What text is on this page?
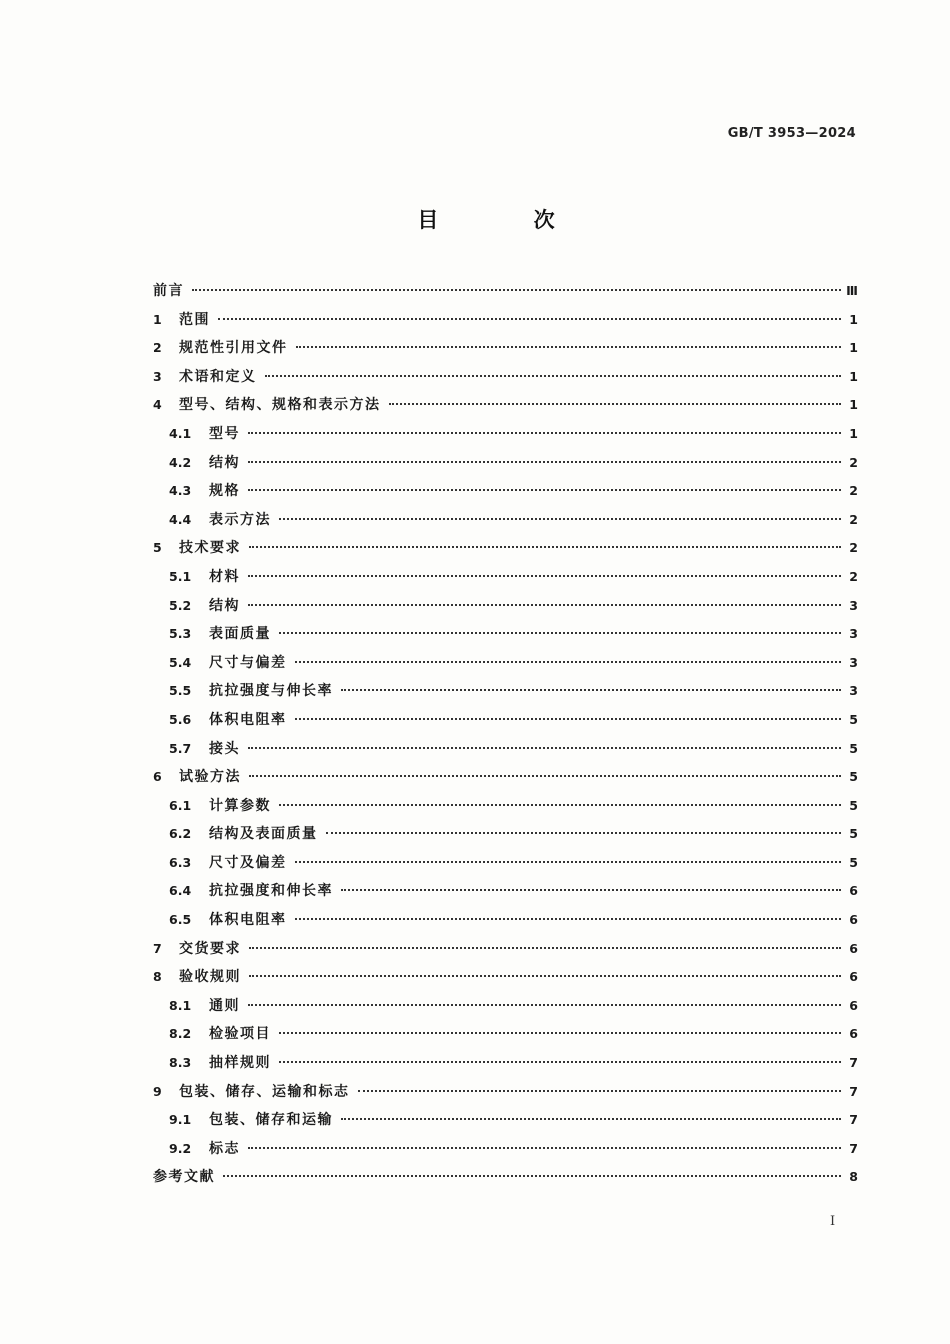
GB/T 3953—2024
目 次
前言	Ⅲ
1	范围	1
2	规范性引用文件	1
3	术语和定义	1
4	型号、结构、规格和表示方法	1
4.1	型号	1
4.2	结构	2
4.3	规格	2
4.4	表示方法	2
5	技术要求	2
5.1	材料	2
5.2	结构	3
5.3	表面质量	3
5.4	尺寸与偏差	3
5.5	抗拉强度与伸长率	3
5.6	体积电阻率	5
5.7	接头	5
6	试验方法	5
6.1	计算参数	5
6.2	结构及表面质量	5
6.3	尺寸及偏差	5
6.4	抗拉强度和伸长率	6
6.5	体积电阻率	6
7	交货要求	6
8	验收规则	6
8.1	通则	6
8.2	检验项目	6
8.3	抽样规则	7
9	包装、储存、运输和标志	7
9.1	包装、储存和运输	7
9.2	标志	7
参考文献	8
I
